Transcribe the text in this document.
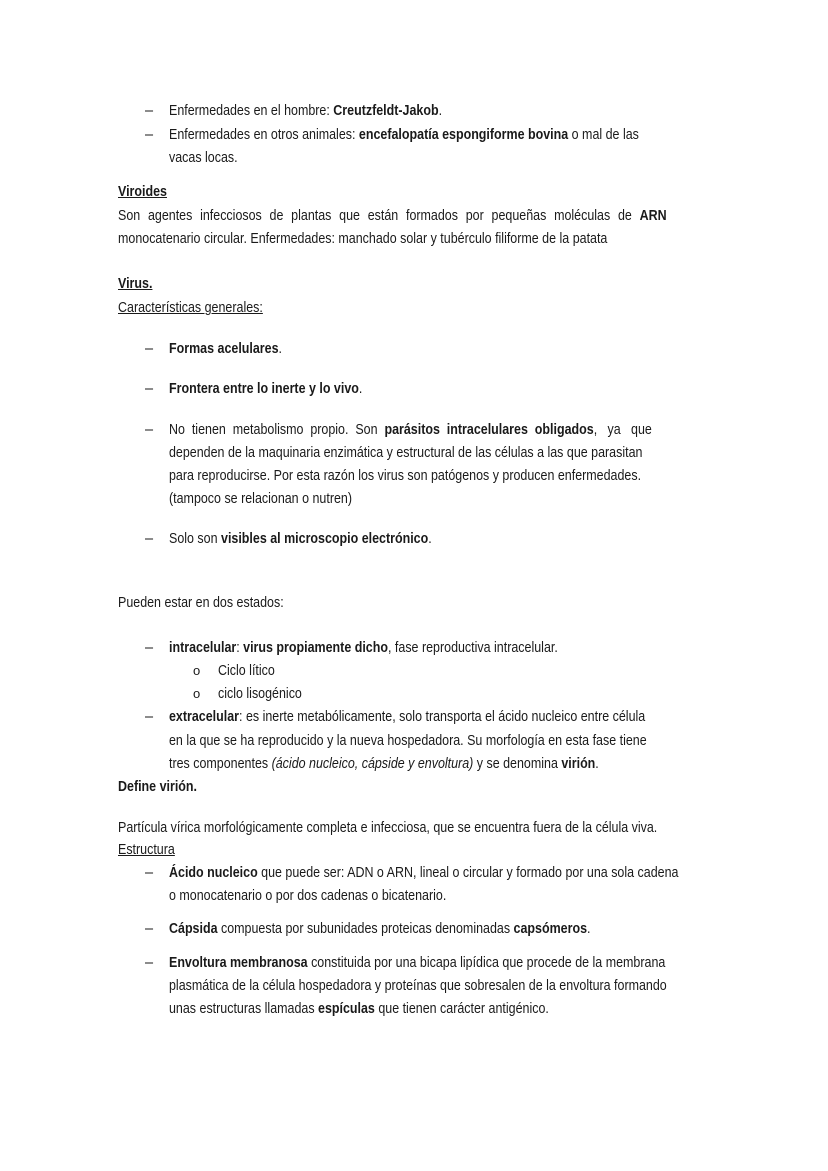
– Enfermedades en el hombre: Creutzfeldt-Jakob.
– Enfermedades en otros animales: encefalopatía espongiforme bovina o mal de las
vacas locas.
Viroides
Son agentes infecciosos de plantas que están formados por pequeñas moléculas de ARN
monocatenario circular. Enfermedades: manchado solar y tubérculo filiforme de la patata
Virus.
Características generales:
– Formas acelulares.
– Frontera entre lo inerte y lo vivo.
– No tienen metabolismo propio. Son parásitos intracelulares obligados, ya que
dependen de la maquinaria enzimática y estructural de las células a las que parasitan
para reproducirse. Por esta razón los virus son patógenos y producen enfermedades.
(tampoco se relacionan o nutren)
– Solo son visibles al microscopio electrónico.
Pueden estar en dos estados:
– intracelular: virus propiamente dicho, fase reproductiva intracelular.
o Ciclo lítico
o ciclo lisogénico
– extracelular: es inerte metabólicamente, solo transporta el ácido nucleico entre célula
en la que se ha reproducido y la nueva hospedadora. Su morfología en esta fase tiene
tres componentes (ácido nucleico, cápside y envoltura) y se denomina virión.
Define virión.
Partícula vírica morfológicamente completa e infecciosa, que se encuentra fuera de la célula viva.
Estructura
– Ácido nucleico que puede ser: ADN o ARN, lineal o circular y formado por una sola cadena
o monocatenario o por dos cadenas o bicatenario.
– Cápsida compuesta por subunidades proteicas denominadas capsómeros.
– Envoltura membranosa constituida por una bicapa lipídica que procede de la membrana
plasmática de la célula hospedadora y proteínas que sobresalen de la envoltura formando
unas estructuras llamadas espículas que tienen carácter antigénico.
